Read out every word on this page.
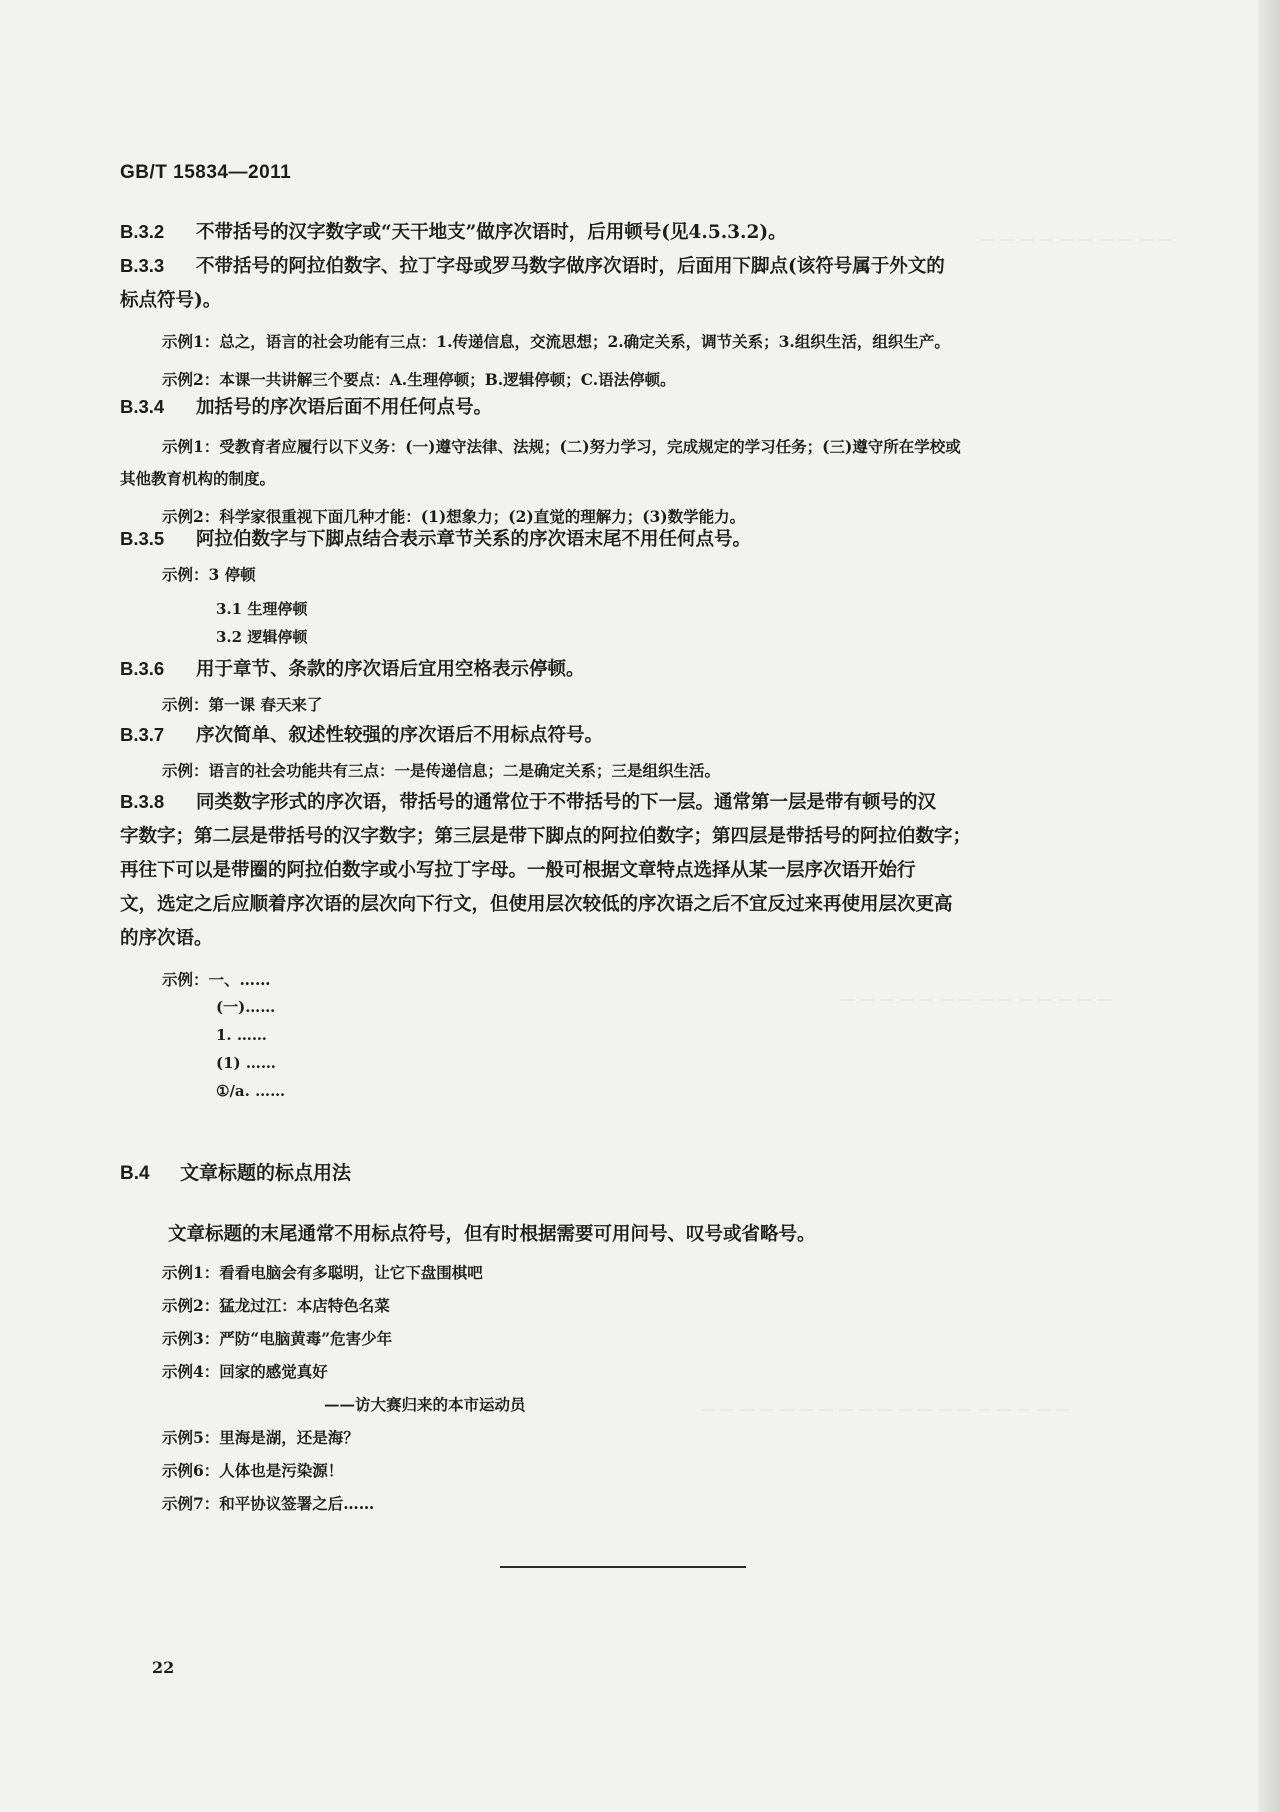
— — — — — — — — — —
— — — — — — — — — — — — — —
— — — — — — — — — — — — — — — — — — —
GB/T 15834—2011

B.3.2 不带括号的汉字数字或“天干地支”做序次语时，后用顿号(见4.5.3.2)。

B.3.3 不带括号的阿拉伯数字、拉丁字母或罗马数字做序次语时，后面用下脚点(该符号属于外文的

标点符号)。

示例1：总之，语言的社会功能有三点：1.传递信息，交流思想；2.确定关系，调节关系；3.组织生活，组织生产。

示例2：本课一共讲解三个要点：A.生理停顿；B.逻辑停顿；C.语法停顿。

B.3.4 加括号的序次语后面不用任何点号。

示例1：受教育者应履行以下义务：(一)遵守法律、法规；(二)努力学习，完成规定的学习任务；(三)遵守所在学校或

其他教育机构的制度。

示例2：科学家很重视下面几种才能：(1)想象力；(2)直觉的理解力；(3)数学能力。

B.3.5 阿拉伯数字与下脚点结合表示章节关系的序次语末尾不用任何点号。

示例：3 停顿

3.1 生理停顿

3.2 逻辑停顿

B.3.6 用于章节、条款的序次语后宜用空格表示停顿。

示例：第一课 春天来了

B.3.7 序次简单、叙述性较强的序次语后不用标点符号。

示例：语言的社会功能共有三点：一是传递信息；二是确定关系；三是组织生活。

B.3.8 同类数字形式的序次语，带括号的通常位于不带括号的下一层。通常第一层是带有顿号的汉

字数字；第二层是带括号的汉字数字；第三层是带下脚点的阿拉伯数字；第四层是带括号的阿拉伯数字；

再往下可以是带圈的阿拉伯数字或小写拉丁字母。一般可根据文章特点选择从某一层序次语开始行

文，选定之后应顺着序次语的层次向下行文，但使用层次较低的序次语之后不宜反过来再使用层次更高

的序次语。

示例：一、……

(一)……

1. ……

(1) ……

①/a. ……

B.4 文章标题的标点用法

文章标题的末尾通常不用标点符号，但有时根据需要可用问号、叹号或省略号。

示例1：看看电脑会有多聪明，让它下盘围棋吧

示例2：猛龙过江：本店特色名菜

示例3：严防“电脑黄毒”危害少年

示例4：回家的感觉真好

——访大赛归来的本市运动员

示例5：里海是湖，还是海？

示例6：人体也是污染源！

示例7：和平协议签署之后……

22
